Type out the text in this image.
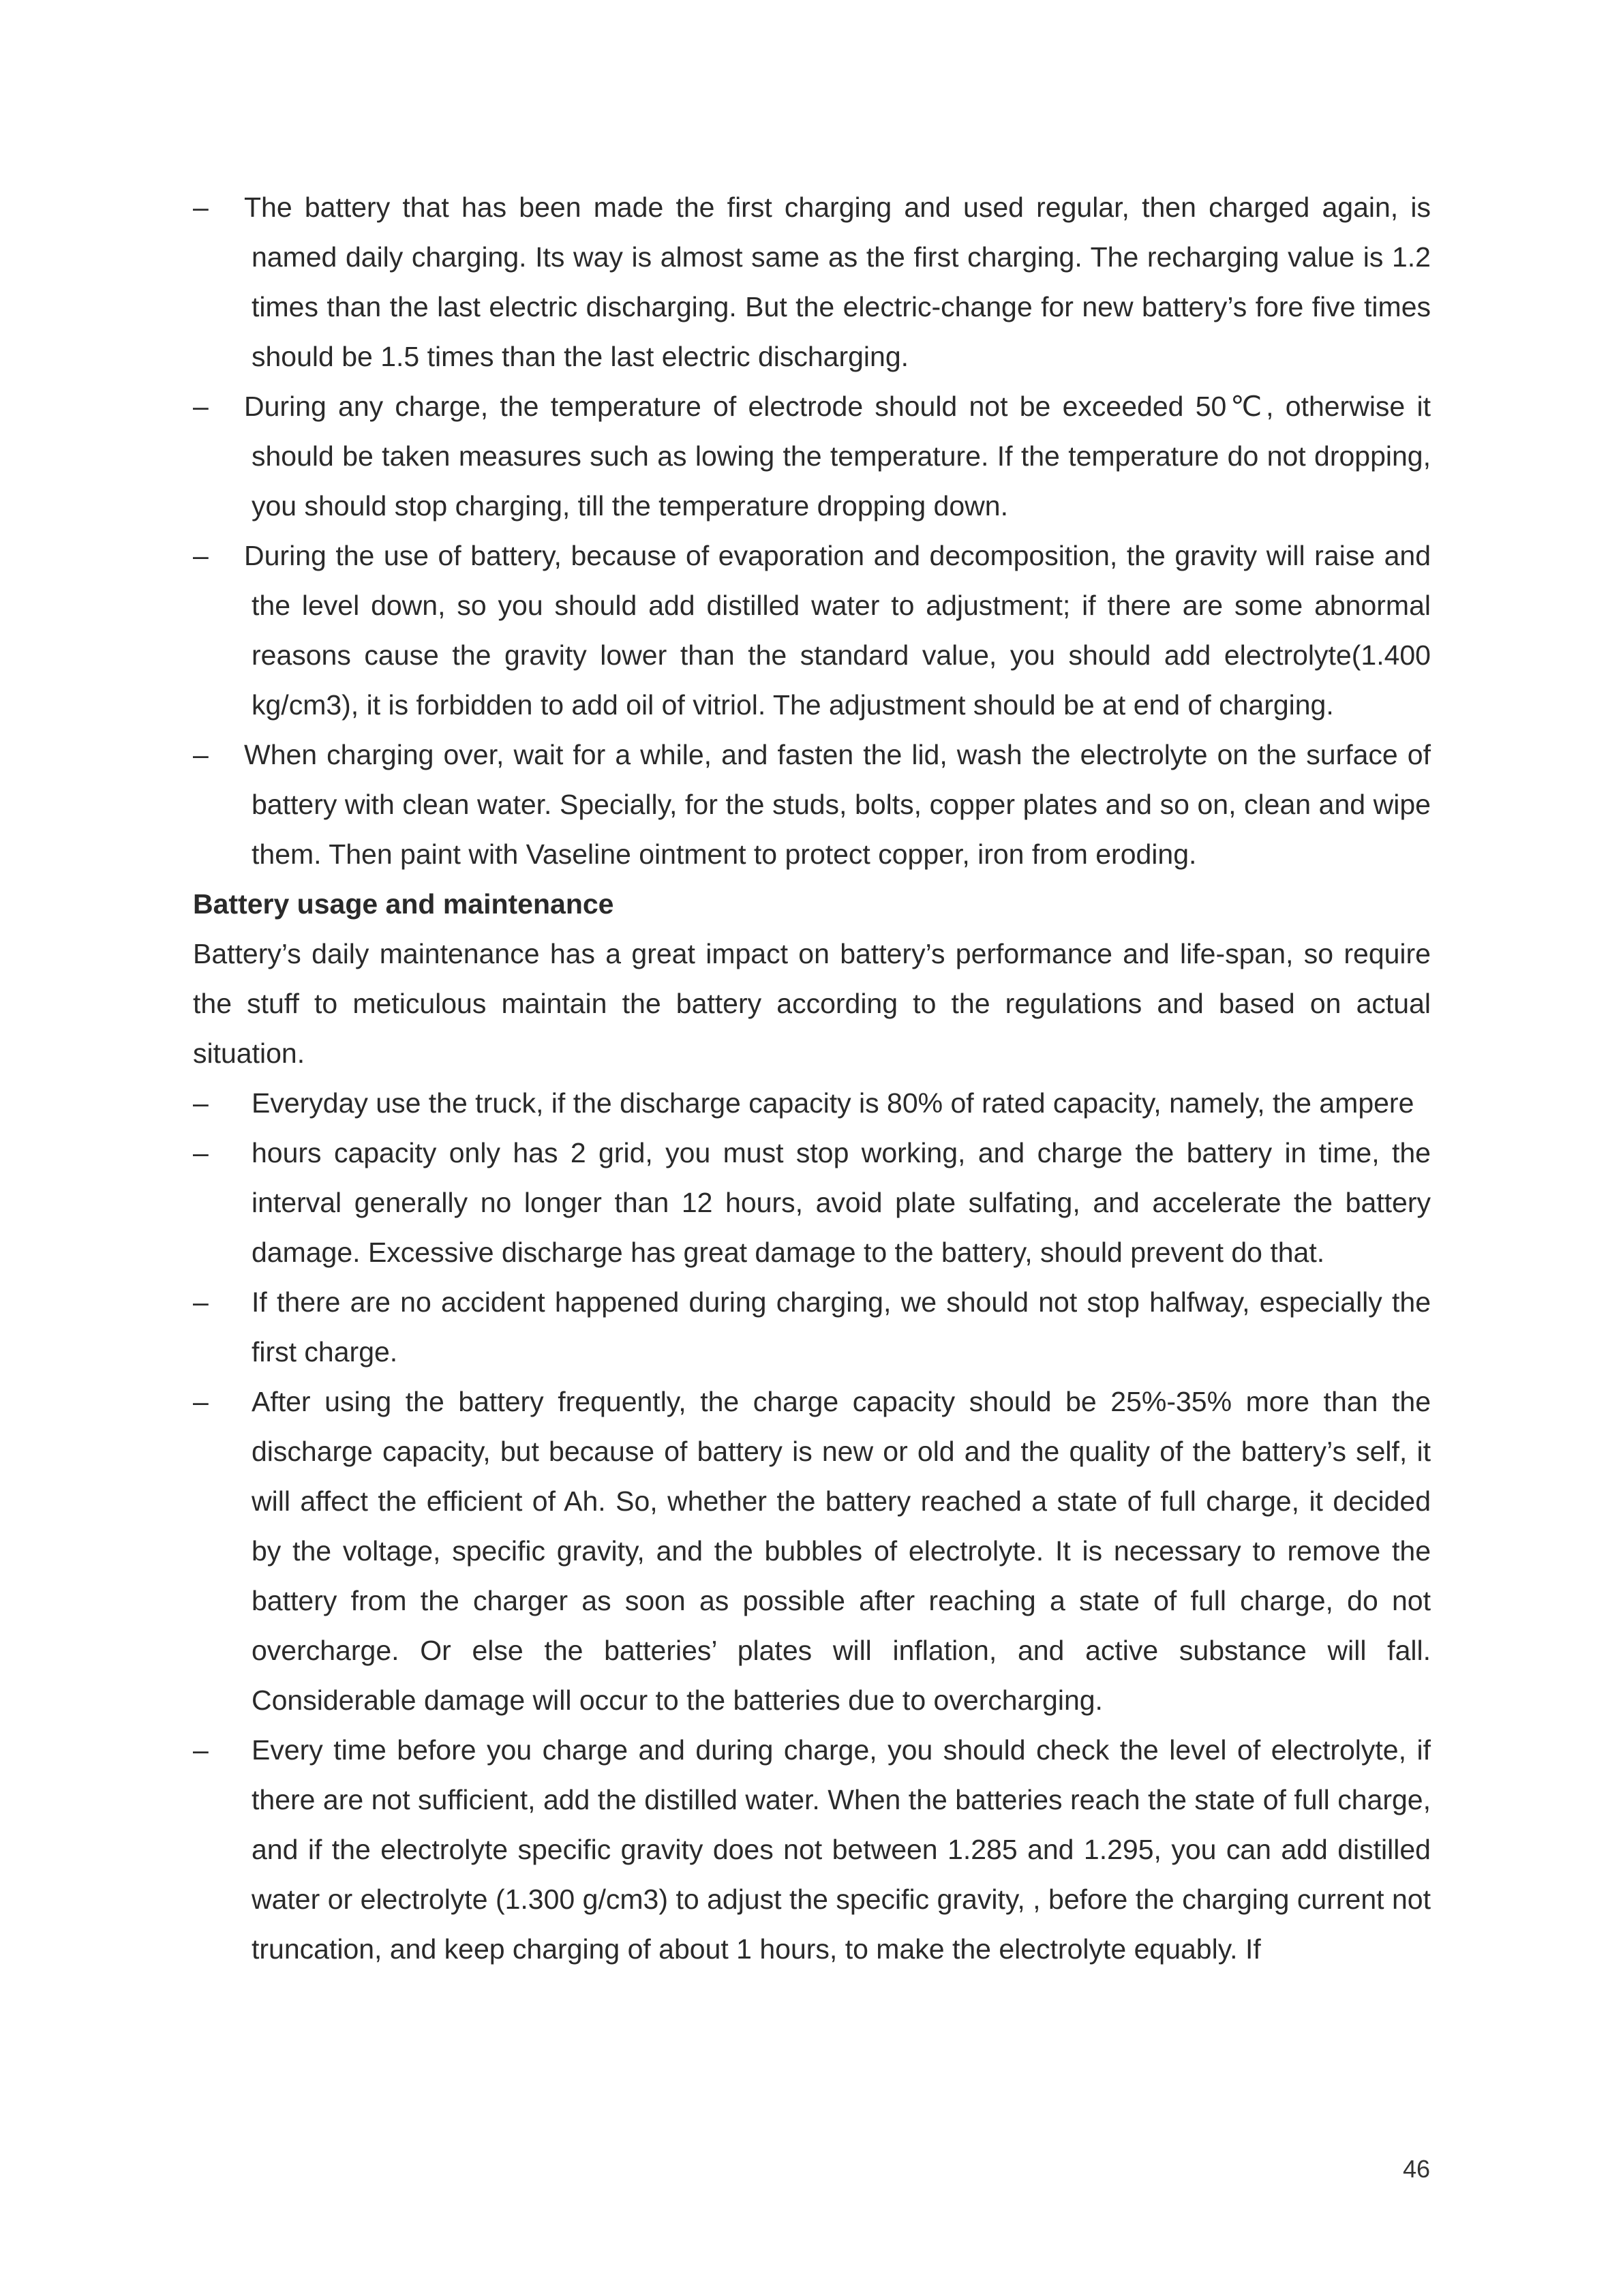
–	The battery that has been made the first charging and used regular, then charged again, is named daily charging. Its way is almost same as the first charging. The recharging value is 1.2 times than the last electric discharging. But the electric-change for new battery’s fore five times should be 1.5 times than the last electric discharging.
–	During any charge, the temperature of electrode should not be exceeded 50℃, otherwise it should be taken measures such as lowing the temperature. If the temperature do not dropping, you should stop charging, till the temperature dropping down.
–	During the use of battery, because of evaporation and decomposition, the gravity will raise and the level down, so you should add distilled water to adjustment; if there are some abnormal reasons cause the gravity lower than the standard value, you should add electrolyte(1.400 kg/cm3), it is forbidden to add oil of vitriol. The adjustment should be at end of charging.
–	When charging over, wait for a while, and fasten the lid, wash the electrolyte on the surface of battery with clean water. Specially, for the studs, bolts, copper plates and so on, clean and wipe them. Then paint with Vaseline ointment to protect copper, iron from eroding.

Battery usage and maintenance

Battery’s daily maintenance has a great impact on battery’s performance and life-span, so require the stuff to meticulous maintain the battery according to the regulations and based on actual situation.

–	Everyday use the truck, if the discharge capacity is 80% of rated capacity, namely, the ampere
–	hours capacity only has 2 grid, you must stop working, and charge the battery in time, the interval generally no longer than 12 hours, avoid plate sulfating, and accelerate the battery damage. Excessive discharge has great damage to the battery, should prevent do that.
–	If there are no accident happened during charging, we should not stop halfway, especially the first charge.
–	After using the battery frequently, the charge capacity should be 25%-35% more than the discharge capacity, but because of battery is new or old and the quality of the battery’s self, it will affect the efficient of Ah. So, whether the battery reached a state of full charge, it decided by the voltage, specific gravity, and the bubbles of electrolyte. It is necessary to remove the battery from the charger as soon as possible after reaching a state of full charge, do not overcharge. Or else the batteries’ plates will inflation, and active substance will fall. Considerable damage will occur to the batteries due to overcharging.
–	Every time before you charge and during charge, you should check the level of electrolyte, if there are not sufficient, add the distilled water. When the batteries reach the state of full charge, and if the electrolyte specific gravity does not between 1.285 and 1.295, you can add distilled water or electrolyte (1.300 g/cm3) to adjust the specific gravity, , before the charging current not truncation, and keep charging of about 1 hours, to make the electrolyte equably. If
46
